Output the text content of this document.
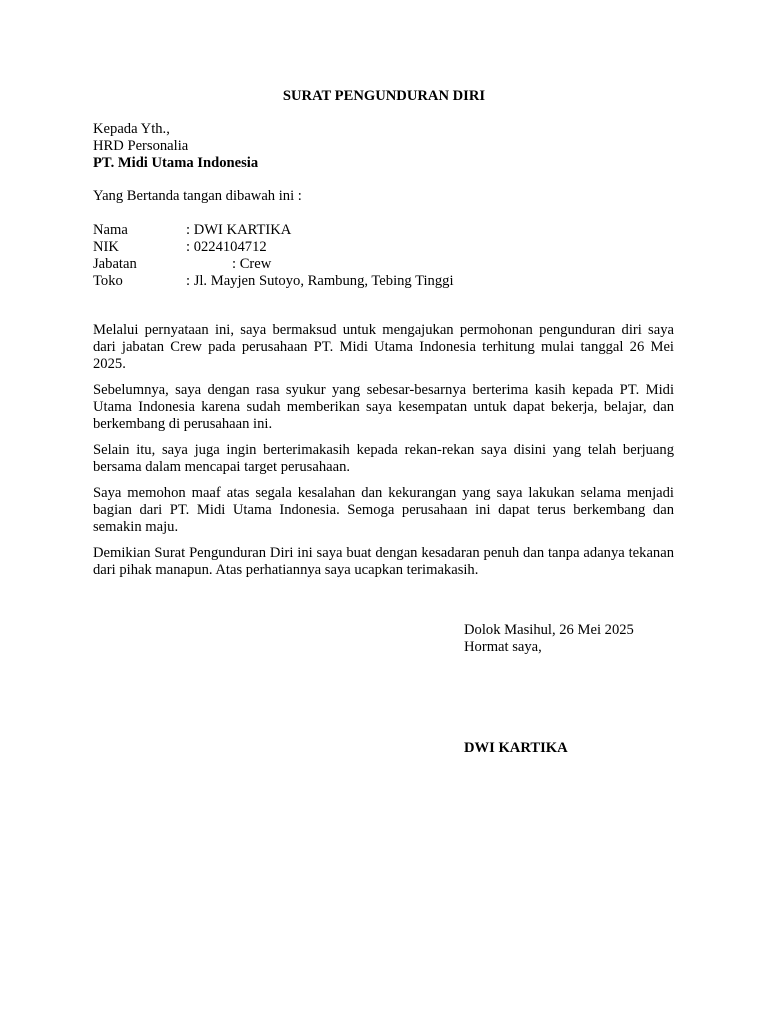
SURAT PENGUNDURAN DIRI
Kepada Yth.,
HRD Personalia
PT. Midi Utama Indonesia
Yang Bertanda tangan dibawah ini :
Nama	: DWI KARTIKA
NIK	: 0224104712
Jabatan	: Crew
Toko	: Jl. Mayjen Sutoyo, Rambung, Tebing Tinggi

Melalui pernyataan ini, saya bermaksud untuk mengajukan permohonan pengunduran diri saya dari jabatan Crew pada perusahaan PT. Midi Utama Indonesia terhitung mulai tanggal 26 Mei 2025.

Sebelumnya, saya dengan rasa syukur yang sebesar-besarnya berterima kasih kepada PT. Midi Utama Indonesia karena sudah memberikan saya kesempatan untuk dapat bekerja, belajar, dan berkembang di perusahaan ini.

Selain itu, saya juga ingin berterimakasih kepada rekan-rekan saya disini yang telah berjuang bersama dalam mencapai target perusahaan.

Saya memohon maaf atas segala kesalahan dan kekurangan yang saya lakukan selama menjadi bagian dari PT. Midi Utama Indonesia. Semoga perusahaan ini dapat terus berkembang dan semakin maju.

Demikian Surat Pengunduran Diri ini saya buat dengan kesadaran penuh dan tanpa adanya tekanan dari pihak manapun. Atas perhatiannya saya ucapkan terimakasih.

Dolok Masihul, 26 Mei 2025
Hormat saya,
DWI KARTIKA
